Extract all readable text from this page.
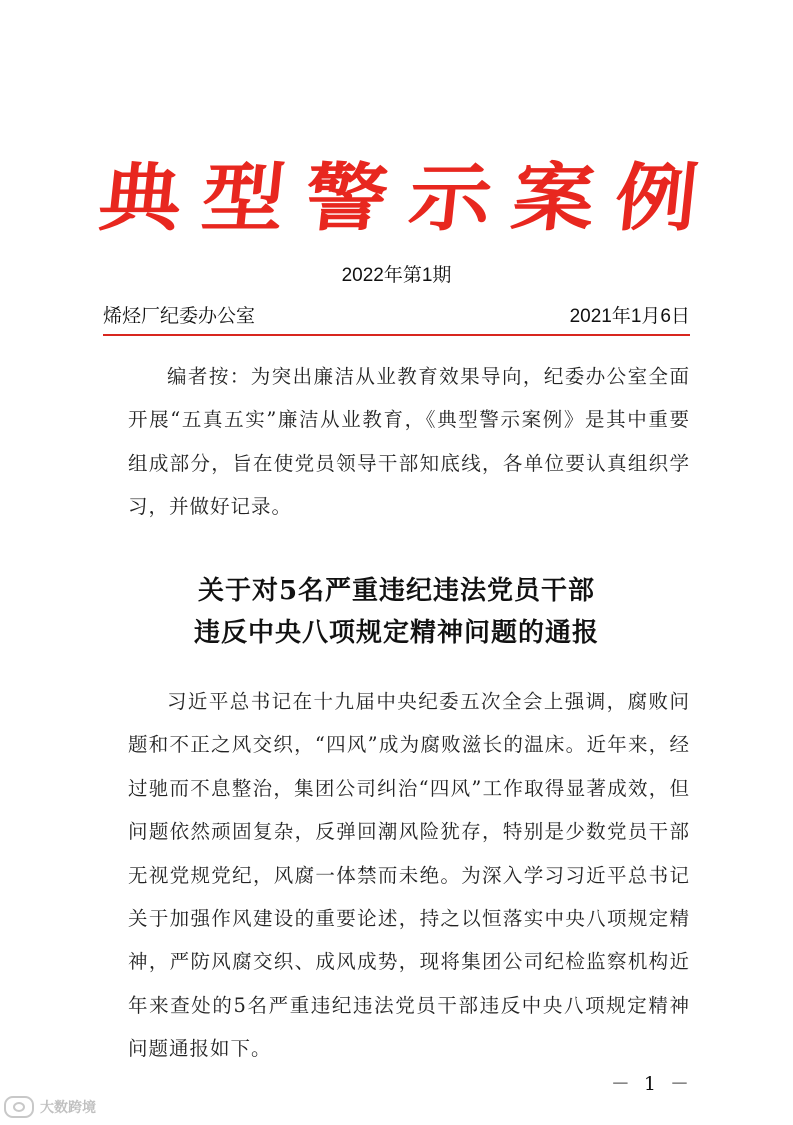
典 型 警 示 案 例
2022年第1期
烯烃厂纪委办公室	2021年1月6日
编者按：为突出廉洁从业教育效果导向，纪委办公室全面开展“五真五实”廉洁从业教育，《典型警示案例》是其中重要组成部分，旨在使党员领导干部知底线，各单位要认真组织学习，并做好记录。
关于对5名严重违纪违法党员干部
违反中央八项规定精神问题的通报
习近平总书记在十九届中央纪委五次全会上强调，腐败问题和不正之风交织，“四风”成为腐败滋长的温床。近年来，经过驰而不息整治，集团公司纠治“四风”工作取得显著成效，但问题依然顽固复杂，反弹回潮风险犹存，特别是少数党员干部无视党规党纪，风腐一体禁而未绝。为深入学习习近平总书记关于加强作风建设的重要论述，持之以恒落实中央八项规定精神，严防风腐交织、成风成势，现将集团公司纪检监察机构近年来查处的5名严重违纪违法党员干部违反中央八项规定精神问题通报如下。
－ 1 －
大数跨境
